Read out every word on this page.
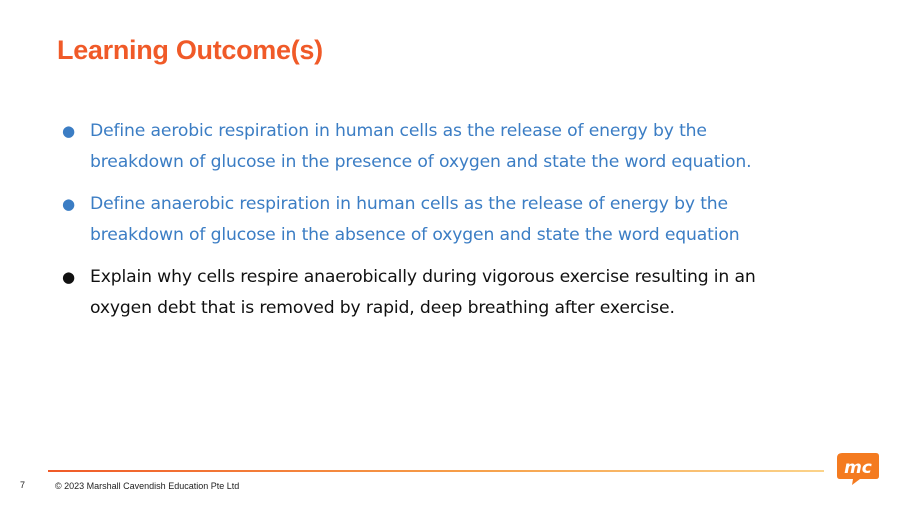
Learning Outcome(s)
● Define aerobic respiration in human cells as the release of energy by the
breakdown of glucose in the presence of oxygen and state the word equation.
● Define anaerobic respiration in human cells as the release of energy by the
breakdown of glucose in the absence of oxygen and state the word equation
● Explain why cells respire anaerobically during vigorous exercise resulting in an
oxygen debt that is removed by rapid, deep breathing after exercise.
7	© 2023 Marshall Cavendish Education Pte Ltd
mc
